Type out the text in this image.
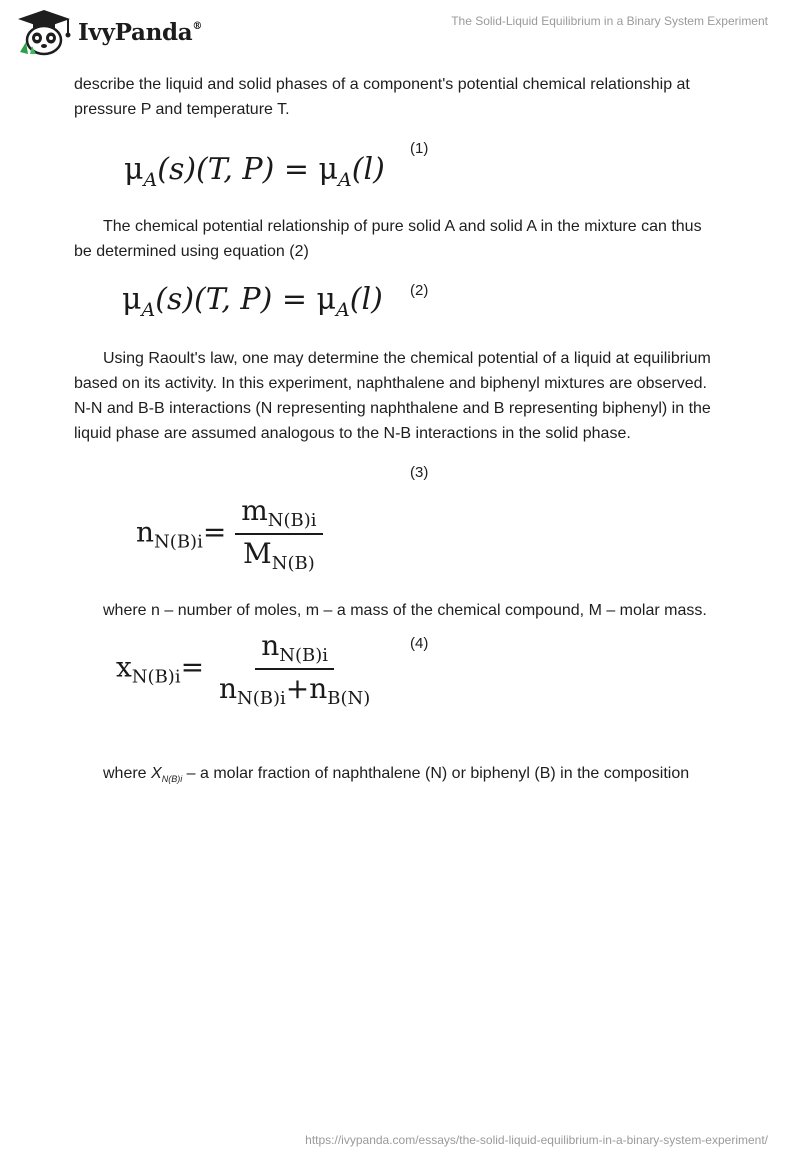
IvyPanda®	The Solid-Liquid Equilibrium in a Binary System Experiment

describe the liquid and solid phases of a component's potential chemical relationship at pressure P and temperature T.

$\mu_A(s)(T$, $P) = \mu_A(l)$
(1)

The chemical potential relationship of pure solid A and solid A in the mixture can thus be determined using equation (2)

$\mu_A(s)(T$, $P) = \mu_A(l)$ (2)

Using Raoult's law, one may determine the chemical potential of a liquid at equilibrium based on its activity. In this experiment, naphthalene and biphenyl mixtures are observed. N-N and B-B interactions (N representing naphthalene and B representing biphenyl) in the liquid phase are assumed analogous to the N-B interactions in the solid phase.

(3)
$n_{N(B)i}= \frac{m_{N(B)i}}{M_{N(B)}}$

where n – number of moles, m – a mass of the chemical compound, M – molar mass.

(4)
$x_{N(B)i}= \frac{n_{N(B)i}}{n_{N(B)i}+n_{B(N)}}$

where $X_{N(B)i}$ – a molar fraction of naphthalene (N) or biphenyl (B) in the composition

https://ivypanda.com/essays/the-solid-liquid-equilibrium-in-a-binary-system-experiment/
